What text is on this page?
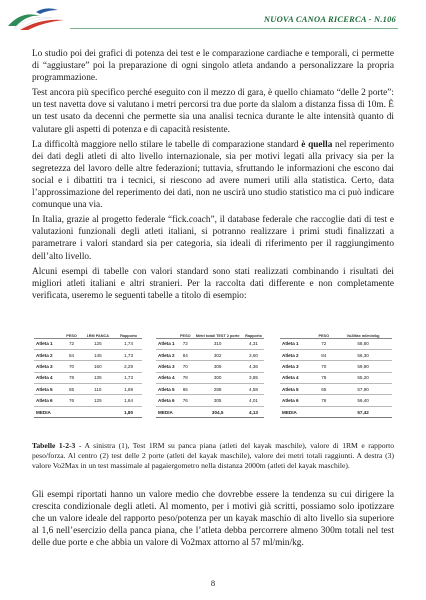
NUOVA CANOA RICERCA - N.106

Lo studio poi dei grafici di potenza dei test e le comparazione cardiache e temporali, ci permette di “aggiustare” poi la preparazione di ogni singolo atleta andando a personalizzare la propria programmazione.

Test ancora più specifico perché eseguito con il mezzo di gara, è quello chiamato “delle 2 porte”: un test navetta dove si valutano i metri percorsi tra due porte da slalom a distanza fissa di 10m. È un test usato da decenni che permette sia una analisi tecnica durante le alte intensità quanto di valutare gli aspetti di potenza e di capacità resistente.

La difficoltà maggiore nello stilare le tabelle di comparazione standard è quella nel reperimento dei dati degli atleti di alto livello internazionale, sia per motivi legati alla privacy sia per la segretezza del lavoro delle altre federazioni; tuttavia, sfruttando le informazioni che escono dai social e i dibattiti tra i tecnici, si riescono ad avere numeri utili alla statistica. Certo, data l’approssimazione del reperimento dei dati, non ne uscirà uno studio statistico ma ci può indicare comunque una via.

In Italia, grazie al progetto federale “fick.coach”, il database federale che raccoglie dati di test e valutazioni funzionali degli atleti italiani, si potranno realizzare i primi studi finalizzati a parametrare i valori standard sia per categoria, sia ideali di riferimento per il raggiungimento dell’alto livello.

Alcuni esempi di tabelle con valori standard sono stati realizzati combinando i risultati dei migliori atleti italiani e altri stranieri. Per la raccolta dati differente e non completamente verificata, useremo le seguenti tabelle a titolo di esempio:

	PESO	1RM PANCA	Rapporto
Atleta 1	72	125	1,74
Atleta 2	84	145	1,73
Atleta 3	70	160	2,29
Atleta 4	78	135	1,73
Atleta 5	65	110	1,69
Atleta 6	76	125	1,64
MEDIA			1,80
	PESO	Metri totali TEST 2 porte	Rapporto
Atleta 1	72	310	4,31
Atleta 2	84	302	3,60
Atleta 3	70	305	4,36
Atleta 4	78	300	3,85
Atleta 5	65	288	4,58
Atleta 6	76	305	4,01
MEDIA		304,5	4,13
	PESO	Vo2Max ml/min/kg
Atleta 1	72	58,80
Atleta 2	84	56,30
Atleta 3	70	59,90
Atleta 4	78	55,20
Atleta 5	65	57,90
Atleta 6	76	56,40
MEDIA		57,42
Tabelle 1-2-3 - A sinistra (1), Test 1RM su panca piana (atleti del kayak maschile), valore di 1RM e rapporto peso/forza. Al centro (2) test delle 2 porte (atleti del kayak maschile), valore dei metri totali raggiunti. A destra (3) valore Vo2Max in un test massimale al pagaiergometro nella distanza 2000m (atleti del kayak maschile).

Gli esempi riportati hanno un valore medio che dovrebbe essere la tendenza su cui dirigere la crescita condizionale degli atleti. Al momento, per i motivi già scritti, possiamo solo ipotizzare che un valore ideale del rapporto peso/potenza per un kayak maschio di alto livello sia superiore al 1,6 nell’esercizio della panca piana, che l’atleta debba percorrere almeno 300m totali nel test delle due porte e che abbia un valore di Vo2max attorno al 57 ml/min/kg.

8
